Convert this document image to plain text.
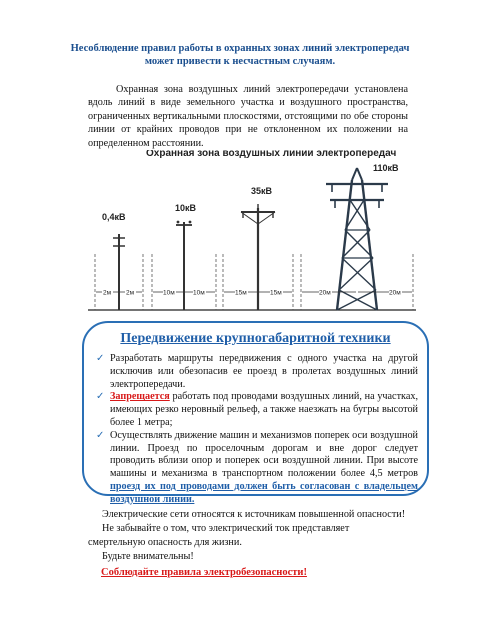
Несоблюдение правил работы в охранных зонах линий электропередач
может привести к несчастным случаям.
Охранная зона воздушных линий электропередачи установлена вдоль линий в виде земельного участка и воздушного пространства, ограниченных вертикальными плоскостями, отстоящими по обе стороны линии от крайних проводов при не отклоненном их положении на определенном расстоянии.
Охранная зона воздушных линий электропередач
0,4кВ
10кВ
35кВ
110кВ
2м 2м	10м	10м	15м	15м	20м	20м
Передвижение крупногабаритной техники
✓ Разработать маршруты передвижения с одного участка на другой исключив или обезопасив ее проезд в пролетах воздушных линий электропередачи.
✓ Запрещается работать под проводами воздушных линий, на участках, имеющих резко неровный рельеф, а также наезжать на бугры высотой более 1 метра;
✓ Осуществлять движение машин и механизмов поперек оси воздушной линии. Проезд по проселочным дорогам и вне дорог следует проводить вблизи опор и поперек оси воздушной линии. При высоте машины и механизма в транспортном положении более 4,5 метров проезд их под проводами должен быть согласован с владельцем воздушной линии.

Электрические сети относятся к источникам повышенной опасности!

Не забывайте о том, что электрический ток представляет смертельную опасность для жизни.

Будьте внимательны!

Соблюдайте правила электробезопасности!
